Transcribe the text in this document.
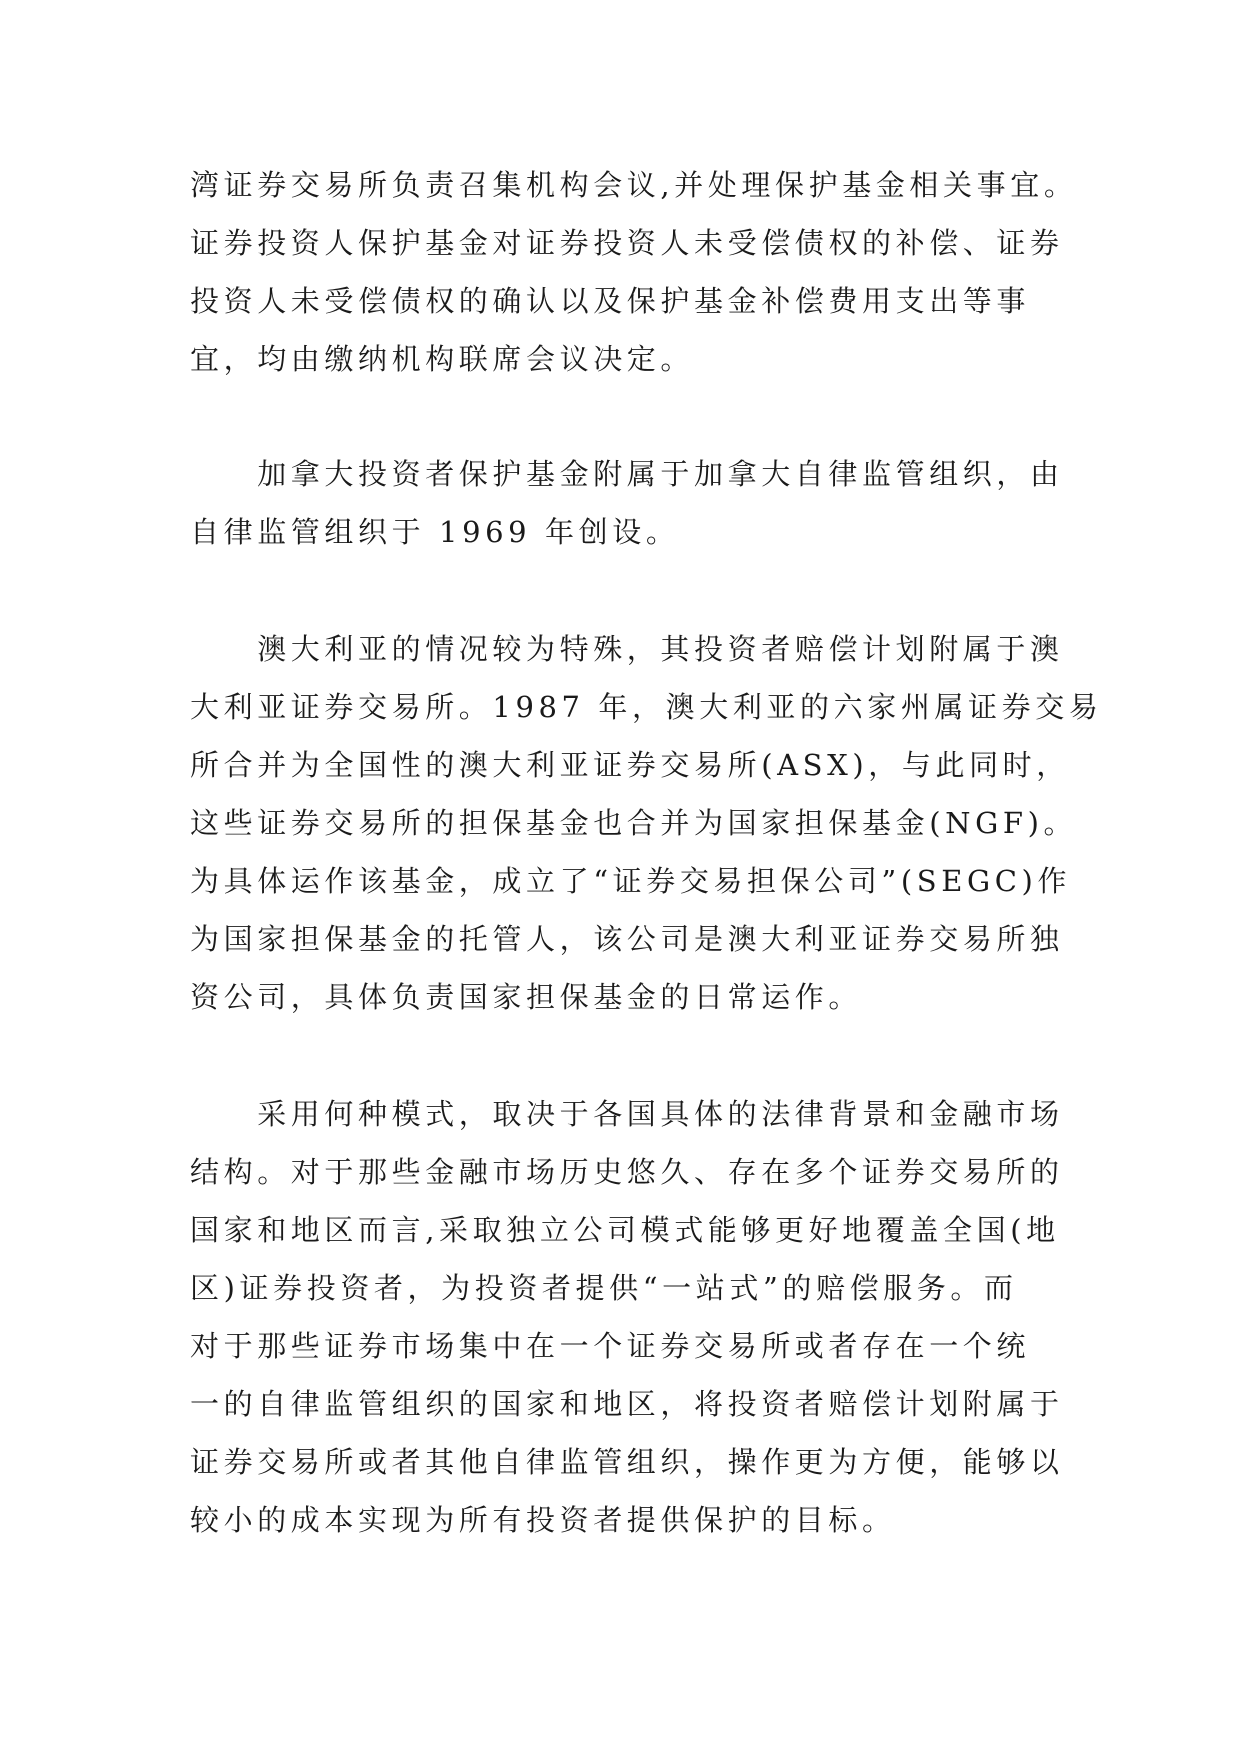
湾证券交易所负责召集机构会议,并处理保护基金相关事宜。
证券投资人保护基金对证券投资人未受偿债权的补偿、证券
投资人未受偿债权的确认以及保护基金补偿费用支出等事
宜，均由缴纳机构联席会议决定。
　　加拿大投资者保护基金附属于加拿大自律监管组织，由
自律监管组织于 1969 年创设。
　　澳大利亚的情况较为特殊，其投资者赔偿计划附属于澳
大利亚证券交易所。1987 年，澳大利亚的六家州属证券交易
所合并为全国性的澳大利亚证券交易所(ASX)，与此同时，
这些证券交易所的担保基金也合并为国家担保基金(NGF)。
为具体运作该基金，成立了“证券交易担保公司”(SEGC)作
为国家担保基金的托管人，该公司是澳大利亚证券交易所独
资公司，具体负责国家担保基金的日常运作。
　　采用何种模式，取决于各国具体的法律背景和金融市场
结构。对于那些金融市场历史悠久、存在多个证券交易所的
国家和地区而言,采取独立公司模式能够更好地覆盖全国(地
区)证券投资者，为投资者提供“一站式”的赔偿服务。而
对于那些证券市场集中在一个证券交易所或者存在一个统
一的自律监管组织的国家和地区，将投资者赔偿计划附属于
证券交易所或者其他自律监管组织，操作更为方便，能够以
较小的成本实现为所有投资者提供保护的目标。
